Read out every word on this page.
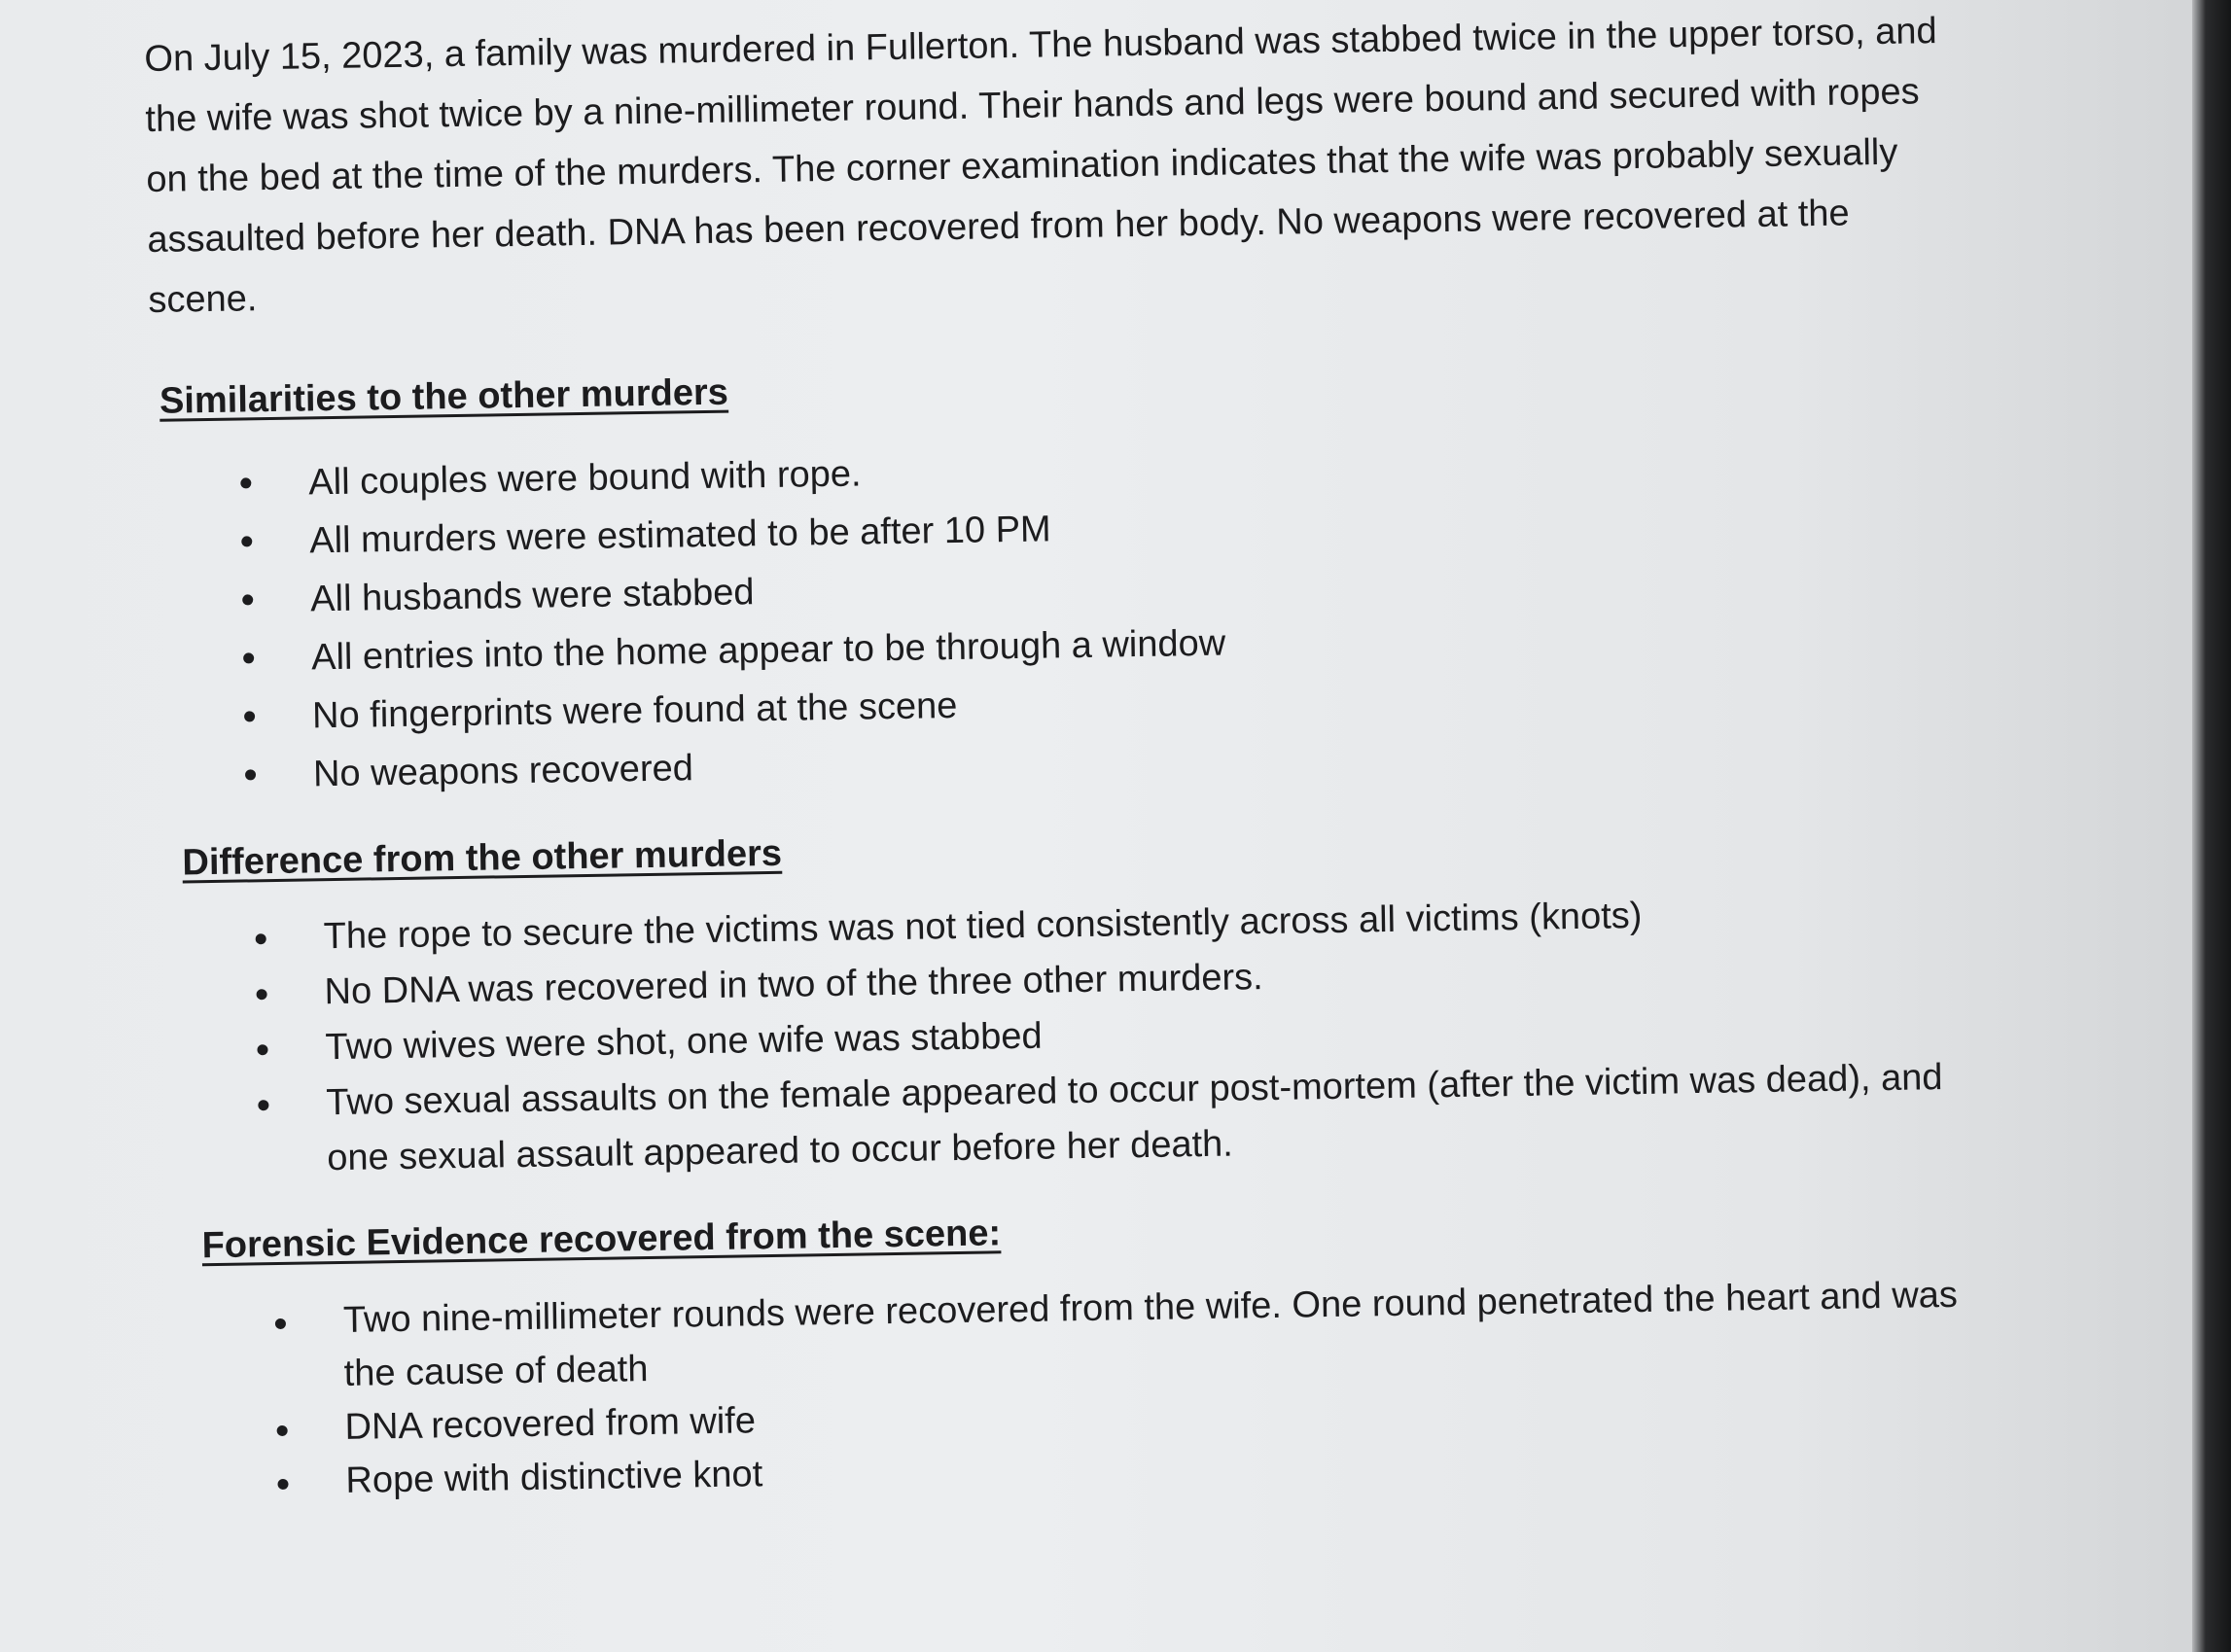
On July 15, 2023, a family was murdered in Fullerton. The husband was stabbed twice in the upper torso, and the wife was shot twice by a nine-millimeter round. Their hands and legs were bound and secured with ropes on the bed at the time of the murders. The corner examination indicates that the wife was probably sexually assaulted before her death. DNA has been recovered from her body. No weapons were recovered at the scene.

Similarities to the other murders
All couples were bound with rope.
All murders were estimated to be after 10 PM
All husbands were stabbed
All entries into the home appear to be through a window
No fingerprints were found at the scene
No weapons recovered
Difference from the other murders
The rope to secure the victims was not tied consistently across all victims (knots)
No DNA was recovered in two of the three other murders.
Two wives were shot, one wife was stabbed
Two sexual assaults on the female appeared to occur post-mortem (after the victim was dead), and one sexual assault appeared to occur before her death.
Forensic Evidence recovered from the scene:
Two nine-millimeter rounds were recovered from the wife. One round penetrated the heart and was the cause of death
DNA recovered from wife
Rope with distinctive knot
